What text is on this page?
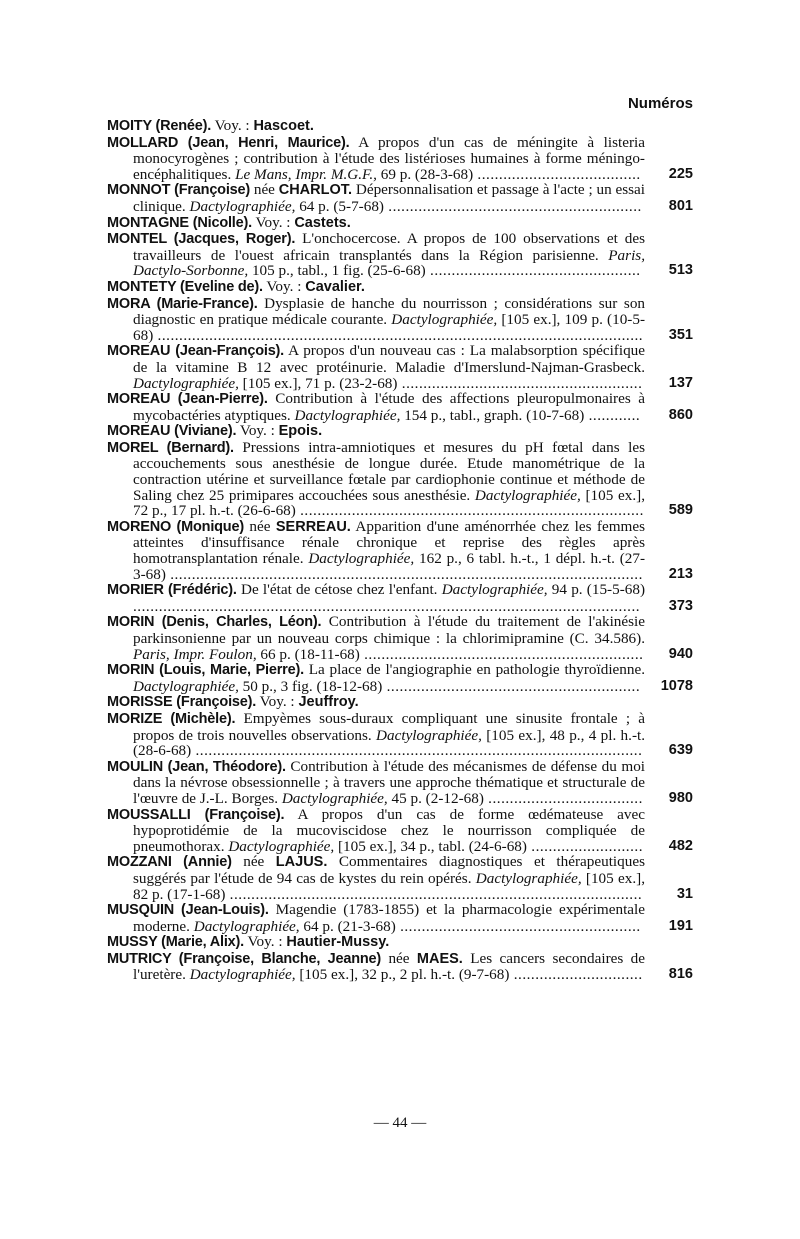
Numéros

MOITY (Renée). Voy. : Hascoet.

MOLLARD (Jean, Henri, Maurice). A propos d'un cas de méningite à listeria monocyrogènes ; contribution à l'étude des listérioses humaines à forme méningo-encéphalitiques. Le Mans, Impr. M.G.F., 69 p. (28-3-68) ......................................	225

MONNOT (Françoise) née CHARLOT. Dépersonnalisation et passage à l'acte ; un essai clinique. Dactylographiée, 64 p. (5-7-68) ...........................................................	801

MONTAGNE (Nicolle). Voy. : Castets.

MONTEL (Jacques, Roger). L'onchocercose. A propos de 100 observations et des travailleurs de l'ouest africain transplantés dans la Région parisienne. Paris, Dactylo-Sorbonne, 105 p., tabl., 1 fig. (25-6-68) .................................................	513

MONTETY (Eveline de). Voy. : Cavalier.

MORA (Marie-France). Dysplasie de hanche du nourrisson ; considérations sur son diagnostic en pratique médicale courante. Dactylographiée, [105 ex.], 109 p. (10-5-68) .................................................................................................................	351

MOREAU (Jean-François). A propos d'un nouveau cas : La malabsorption spécifique de la vitamine B 12 avec protéinurie. Maladie d'Imerslund-Najman-Grasbeck. Dactylographiée, [105 ex.], 71 p. (23-2-68) ........................................................	137

MOREAU (Jean-Pierre). Contribution à l'étude des affections pleuropulmonaires à mycobactéries atyptiques. Dactylographiée, 154 p., tabl., graph. (10-7-68) ............	860

MOREAU (Viviane). Voy. : Epois.

MOREL (Bernard). Pressions intra-amniotiques et mesures du pH fœtal dans les accouchements sous anesthésie de longue durée. Etude manométrique de la contraction utérine et surveillance fœtale par cardiophonie continue et méthode de Saling chez 25 primipares accouchées sous anesthésie. Dactylographiée, [105 ex.], 72 p., 17 pl. h.-t. (26-6-68) ................................................................................	589

MORENO (Monique) née SERREAU. Apparition d'une aménorrhée chez les femmes atteintes d'insuffisance rénale chronique et reprise des règles après homotransplantation rénale. Dactylographiée, 162 p., 6 tabl. h.-t., 1 dépl. h.-t. (27-3-68) ..............................................................................................................	213

MORIER (Frédéric). De l'état de cétose chez l'enfant. Dactylographiée, 94 p. (15-5-68) ......................................................................................................................	373

MORIN (Denis, Charles, Léon). Contribution à l'étude du traitement de l'akinésie parkinsonienne par un nouveau corps chimique : la chlorimipramine (C. 34.586). Paris, Impr. Foulon, 66 p. (18-11-68) .................................................................	940

MORIN (Louis, Marie, Pierre). La place de l'angiographie en pathologie thyroïdienne. Dactylographiée, 50 p., 3 fig. (18-12-68) ...........................................................	1078

MORISSE (Françoise). Voy. : Jeuffroy.

MORIZE (Michèle). Empyèmes sous-duraux compliquant une sinusite frontale ; à propos de trois nouvelles observations. Dactylographiée, [105 ex.], 48 p., 4 pl. h.-t. (28-6-68) ........................................................................................................	639

MOULIN (Jean, Théodore). Contribution à l'étude des mécanismes de défense du moi dans la névrose obsessionnelle ; à travers une approche thématique et structurale de l'œuvre de J.-L. Borges. Dactylographiée, 45 p. (2-12-68) ....................................	980

MOUSSALLI (Françoise). A propos d'un cas de forme œdémateuse avec hypoprotidémie de la mucoviscidose chez le nourrisson compliquée de pneumothorax. Dactylographiée, [105 ex.], 34 p., tabl. (24-6-68) ..........................	482

MOZZANI (Annie) née LAJUS. Commentaires diagnostiques et thérapeutiques suggérés par l'étude de 94 cas de kystes du rein opérés. Dactylographiée, [105 ex.], 82 p. (17-1-68) ................................................................................................	31

MUSQUIN (Jean-Louis). Magendie (1783-1855) et la pharmacologie expérimentale moderne. Dactylographiée, 64 p. (21-3-68) ........................................................	191

MUSSY (Marie, Alix). Voy. : Hautier-Mussy.

MUTRICY (Françoise, Blanche, Jeanne) née MAES. Les cancers secondaires de l'uretère. Dactylographiée, [105 ex.], 32 p., 2 pl. h.-t. (9-7-68) ..............................	816

— 44 —
